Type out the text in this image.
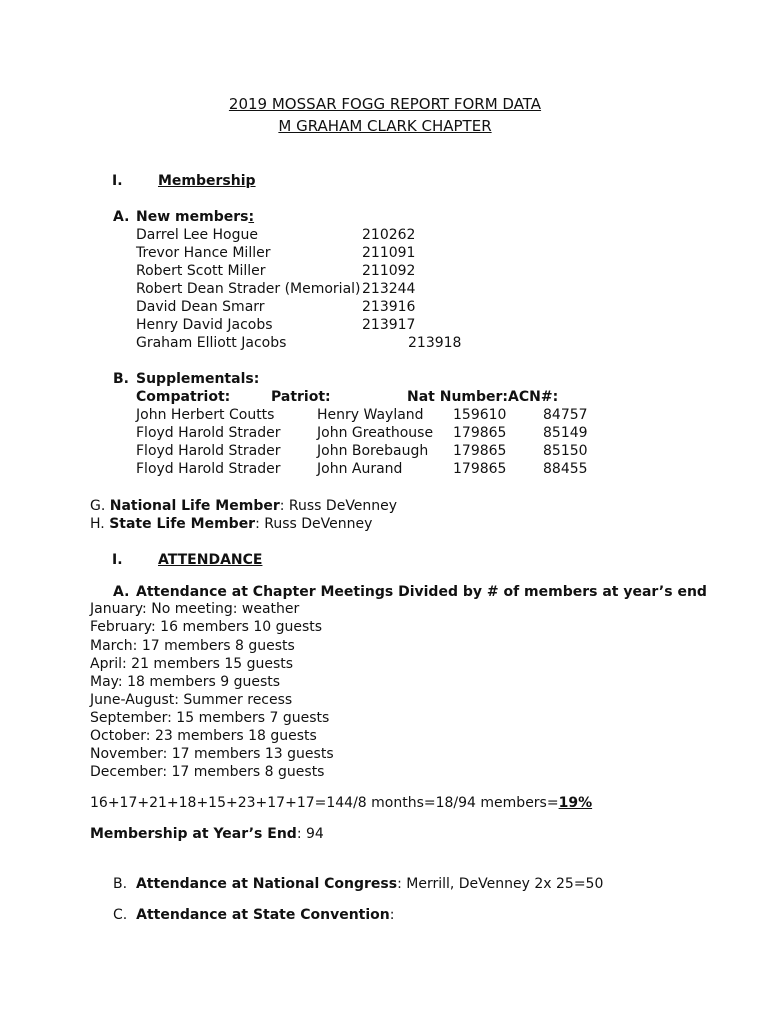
2019 MOSSAR FOGG REPORT FORM DATA
M GRAHAM CLARK CHAPTER
I.	Membership
A. New members:
Darrel Lee Hogue	210262
Trevor Hance Miller	211091
Robert Scott Miller	211092
Robert Dean Strader (Memorial) 213244
David Dean Smarr	213916
Henry David Jacobs	213917
Graham Elliott Jacobs	213918
B. Supplementals:
Compatriot:	Patriot:	Nat Number:ACN#:
John Herbert Coutts	Henry Wayland 159610	84757
Floyd Harold Strader	John Greathouse 179865	85149
Floyd Harold Strader	John Borebaugh 179865	85150
Floyd Harold Strader	John Aurand	179865	88455
G. National Life Member: Russ DeVenney
H. State Life Member: Russ DeVenney
I.	ATTENDANCE
A. Attendance at Chapter Meetings Divided by # of members at year’s end
January: No meeting: weather
February: 16 members 10 guests
March: 17 members 8 guests
April: 21 members 15 guests
May: 18 members 9 guests
June-August: Summer recess
September: 15 members 7 guests
October: 23 members 18 guests
November: 17 members 13 guests
December: 17 members 8 guests
16+17+21+18+15+23+17+17=144/8 months=18/94 members=19%
Membership at Year’s End: 94
B. Attendance at National Congress: Merrill, DeVenney 2x 25=50
C. Attendance at State Convention:
